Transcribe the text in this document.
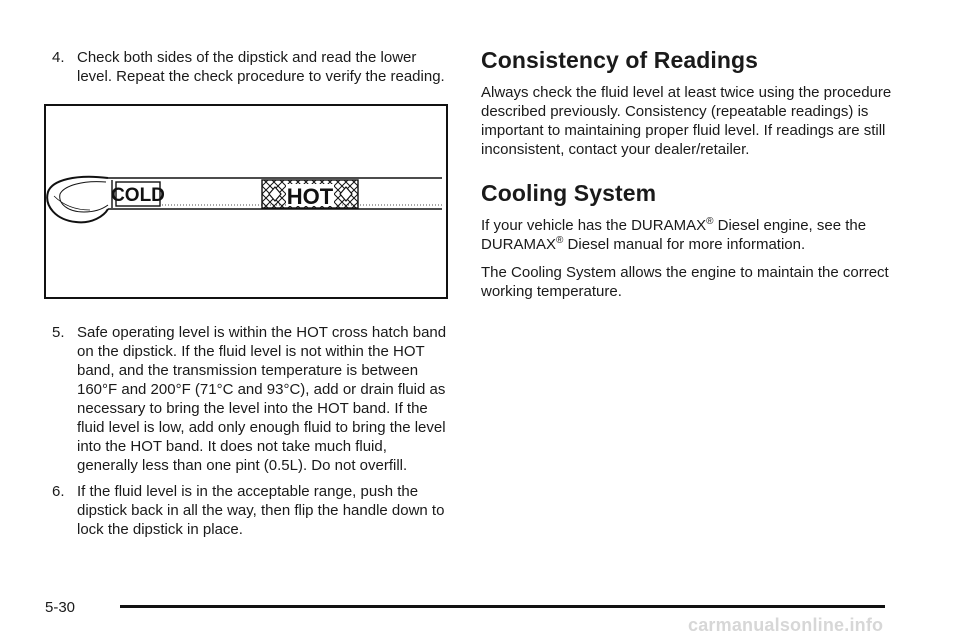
4. Check both sides of the dipstick and read the lower level. Repeat the check procedure to verify the reading.
COLD	HOT
5. Safe operating level is within the HOT cross hatch band on the dipstick. If the fluid level is not within the HOT band, and the transmission temperature is between 160°F and 200°F (71°C and 93°C), add or drain fluid as necessary to bring the level into the HOT band. If the fluid level is low, add only enough fluid to bring the level into the HOT band. It does not take much fluid, generally less than one pint (0.5L). Do not overfill.
6. If the fluid level is in the acceptable range, push the dipstick back in all the way, then flip the handle down to lock the dipstick in place.
Consistency of Readings

Always check the fluid level at least twice using the procedure described previously. Consistency (repeatable readings) is important to maintaining proper fluid level. If readings are still inconsistent, contact your dealer/retailer.

Cooling System

If your vehicle has the DURAMAX® Diesel engine, see the DURAMAX® Diesel manual for more information.

The Cooling System allows the engine to maintain the correct working temperature.

5-30
carmanualsonline.info
